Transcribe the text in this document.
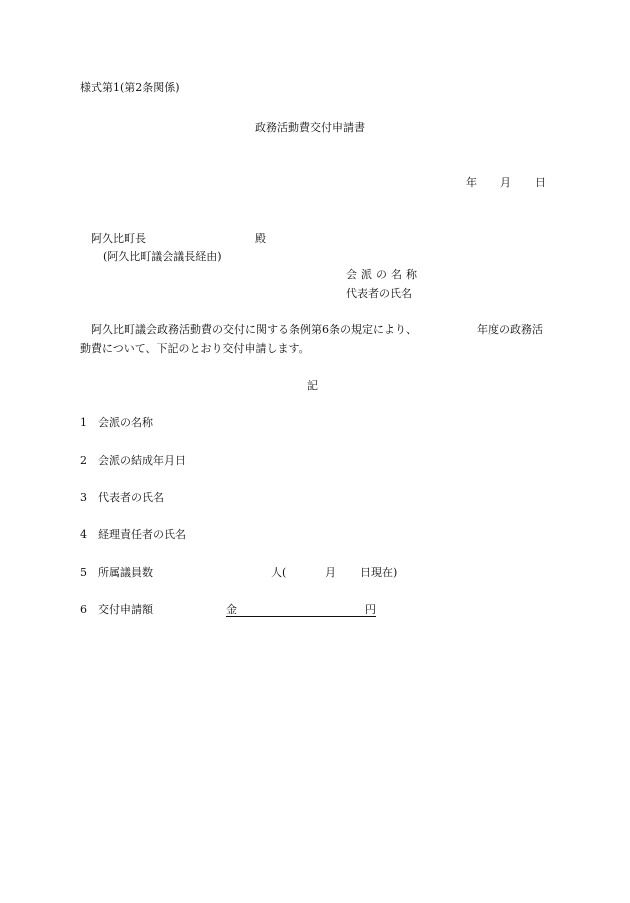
様式第1(第2条関係)
政務活動費交付申請書
年 月 日
阿久比町長	殿
(阿久比町議会議長経由)
会派の名称
代表者の氏名
阿久比町議会政務活動費の交付に関する条例第6条の規定により、	年度の政務活
動費について、下記のとおり交付申請します。
記
1 会派の名称
2 会派の結成年月日
3 代表者の氏名
4 経理責任者の氏名
5 所属議員数	人(	月 日現在)
6 交付申請額	金	円
